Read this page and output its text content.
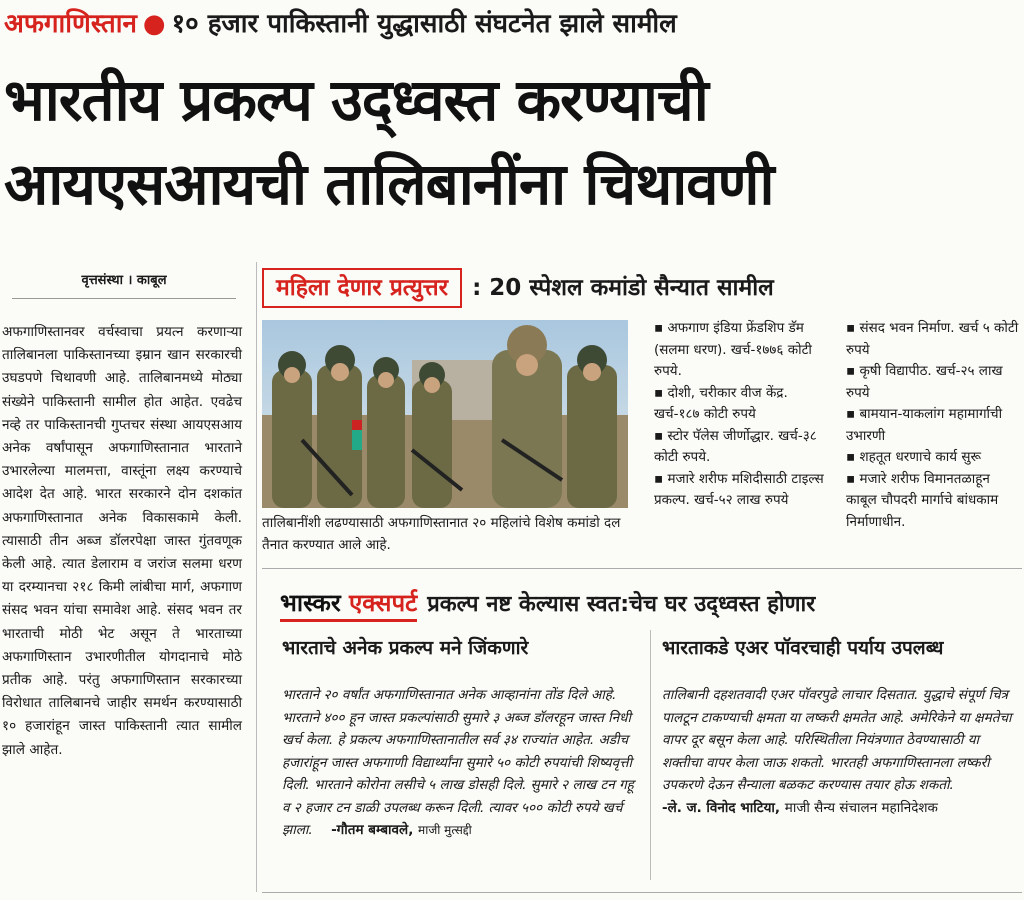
अफगाणिस्तान ● १० हजार पाकिस्तानी युद्धासाठी संघटनेत झाले सामील
भारतीय प्रकल्प उद्‌ध्वस्त करण्याची
आयएसआयची तालिबानींना चिथावणी
वृत्तसंस्था । काबूल
अफगाणिस्तानवर वर्चस्वाचा प्रयत्न करणाऱ्या तालिबानला पाकिस्तानच्या इम्रान खान सरकारची उघडपणे चिथावणी आहे. तालिबानमध्ये मोठ्या संख्येने पाकिस्तानी सामील होत आहेत. एवढेच नव्हे तर पाकिस्तानची गुप्तचर संस्था आयएसआय अनेक वर्षांपासून अफगाणिस्तानात भारताने उभारलेल्या मालमत्ता, वास्तूंना लक्ष्य करण्याचे आदेश देत आहे. भारत सरकारने दोन दशकांत अफगाणिस्तानात अनेक विकासकामे केली. त्यासाठी तीन अब्ज डॉलरपेक्षा जास्त गुंतवणूक केली आहे. त्यात डेलाराम व जरांज सलमा धरण या दरम्यानचा २१८ किमी लांबीचा मार्ग, अफगाण संसद भवन यांचा समावेश आहे. संसद भवन तर भारताची मोठी भेट असून ते भारताच्या अफगाणिस्तान उभारणीतील योगदानाचे मोठे प्रतीक आहे. परंतु अफगाणिस्तान सरकारच्या विरोधात तालिबानचे जाहीर समर्थन करण्यासाठी १० हजारांहून जास्त पाकिस्तानी त्यात सामील झाले आहेत.
महिला देणार प्रत्युत्तर : 20 स्पेशल कमांडो सैन्यात सामील
तालिबानींशी लढण्यासाठी अफगाणिस्तानात २० महिलांचे विशेष कमांडो दल तैनात करण्यात आले आहे.
▪ अफगाण इंडिया फ्रेंडशिप डॅम (सलमा धरण). खर्च-१७७६ कोटी रुपये.
▪ दोशी, चरीकार वीज केंद्र. खर्च-१८७ कोटी रुपये
▪ स्टोर पॅलेस जीर्णोद्धार. खर्च-३८ कोटी रुपये.
▪ मजारे शरीफ मशिदीसाठी टाइल्स प्रकल्प. खर्च-५२ लाख रुपये
▪ संसद भवन निर्माण. खर्च ५ कोटी रुपये
▪ कृषी विद्यापीठ. खर्च-२५ लाख रुपये
▪ बामयान-याकलांग महामार्गाची उभारणी
▪ शहतूत धरणाचे कार्य सुरू
▪ मजारे शरीफ विमानतळाहून काबूल चौपदरी मार्गाचे बांधकाम निर्माणाधीन.
भास्कर एक्सपर्ट प्रकल्प नष्ट केल्यास स्वत:चेच घर उद्‌ध्वस्त होणार
भारताचे अनेक प्रकल्प मने जिंकणारे
भारताने २० वर्षांत अफगाणिस्तानात अनेक आव्हानांना तोंड दिले आहे. भारताने ४०० हून जास्त प्रकल्पांसाठी सुमारे ३ अब्ज डॉलरहून जास्त निधी खर्च केला. हे प्रकल्प अफगाणिस्तानातील सर्व ३४ राज्यांत आहेत. अडीच हजारांहून जास्त अफगाणी विद्यार्थ्यांना सुमारे ५० कोटी रुपयांची शिष्यवृत्ती दिली. भारताने कोरोना लसीचे ५ लाख डोसही दिले. सुमारे २ लाख टन गहू व २ हजार टन डाळी उपलब्ध करून दिली. त्यावर ५०० कोटी रुपये खर्च झाला. -गौतम बम्बावले, माजी मुत्सद्दी
भारताकडे एअर पॉवरचाही पर्याय उपलब्ध
तालिबानी दहशतवादी एअर पॉवरपुढे लाचार दिसतात. युद्धाचे संपूर्ण चित्र पालटून टाकण्याची क्षमता या लष्करी क्षमतेत आहे. अमेरिकेने या क्षमतेचा वापर दूर बसून केला आहे. परिस्थितीला नियंत्रणात ठेवण्यासाठी या शक्तीचा वापर केला जाऊ शकतो. भारतही अफगाणिस्तानला लष्करी उपकरणे देऊन सैन्याला बळकट करण्यास तयार होऊ शकतो.
-ले. ज. विनोद भाटिया, माजी सैन्य संचालन महानिदेशक
